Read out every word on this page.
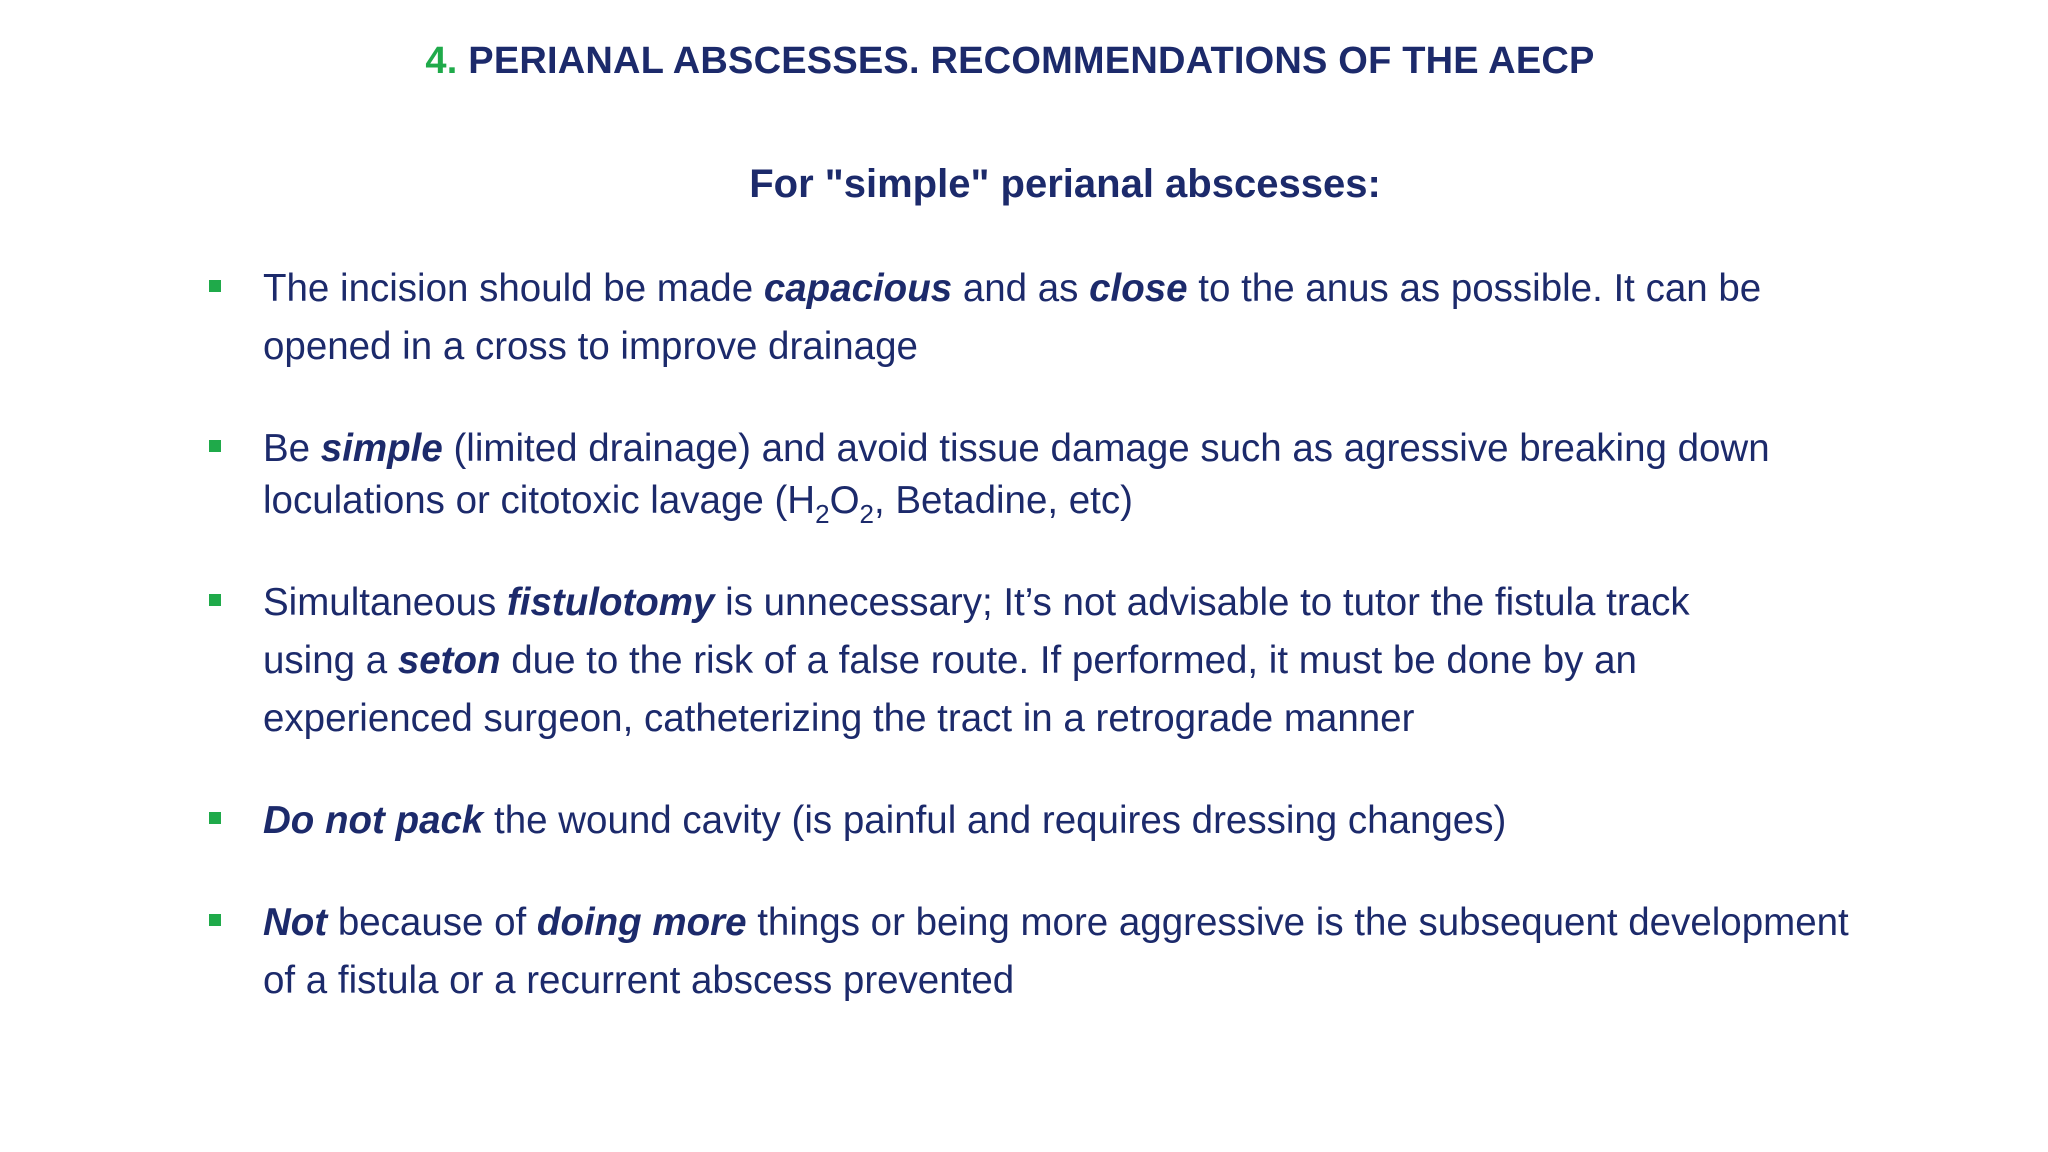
4. PERIANAL ABSCESSES. RECOMMENDATIONS OF THE AECP
For "simple" perianal abscesses:
The incision should be made capacious and as close to the anus as possible. It can be
opened in a cross to improve drainage
Be simple (limited drainage) and avoid tissue damage such as agressive breaking down
loculations or citotoxic lavage ($H_2O_2$, Betadine, etc)
Simultaneous fistulotomy is unnecessary; It’s not advisable to tutor the fistula track
using a seton due to the risk of a false route. If performed, it must be done by an
experienced surgeon, catheterizing the tract in a retrograde manner
Do not pack the wound cavity (is painful and requires dressing changes)
Not because of doing more things or being more aggressive is the subsequent development
of a fistula or a recurrent abscess prevented
